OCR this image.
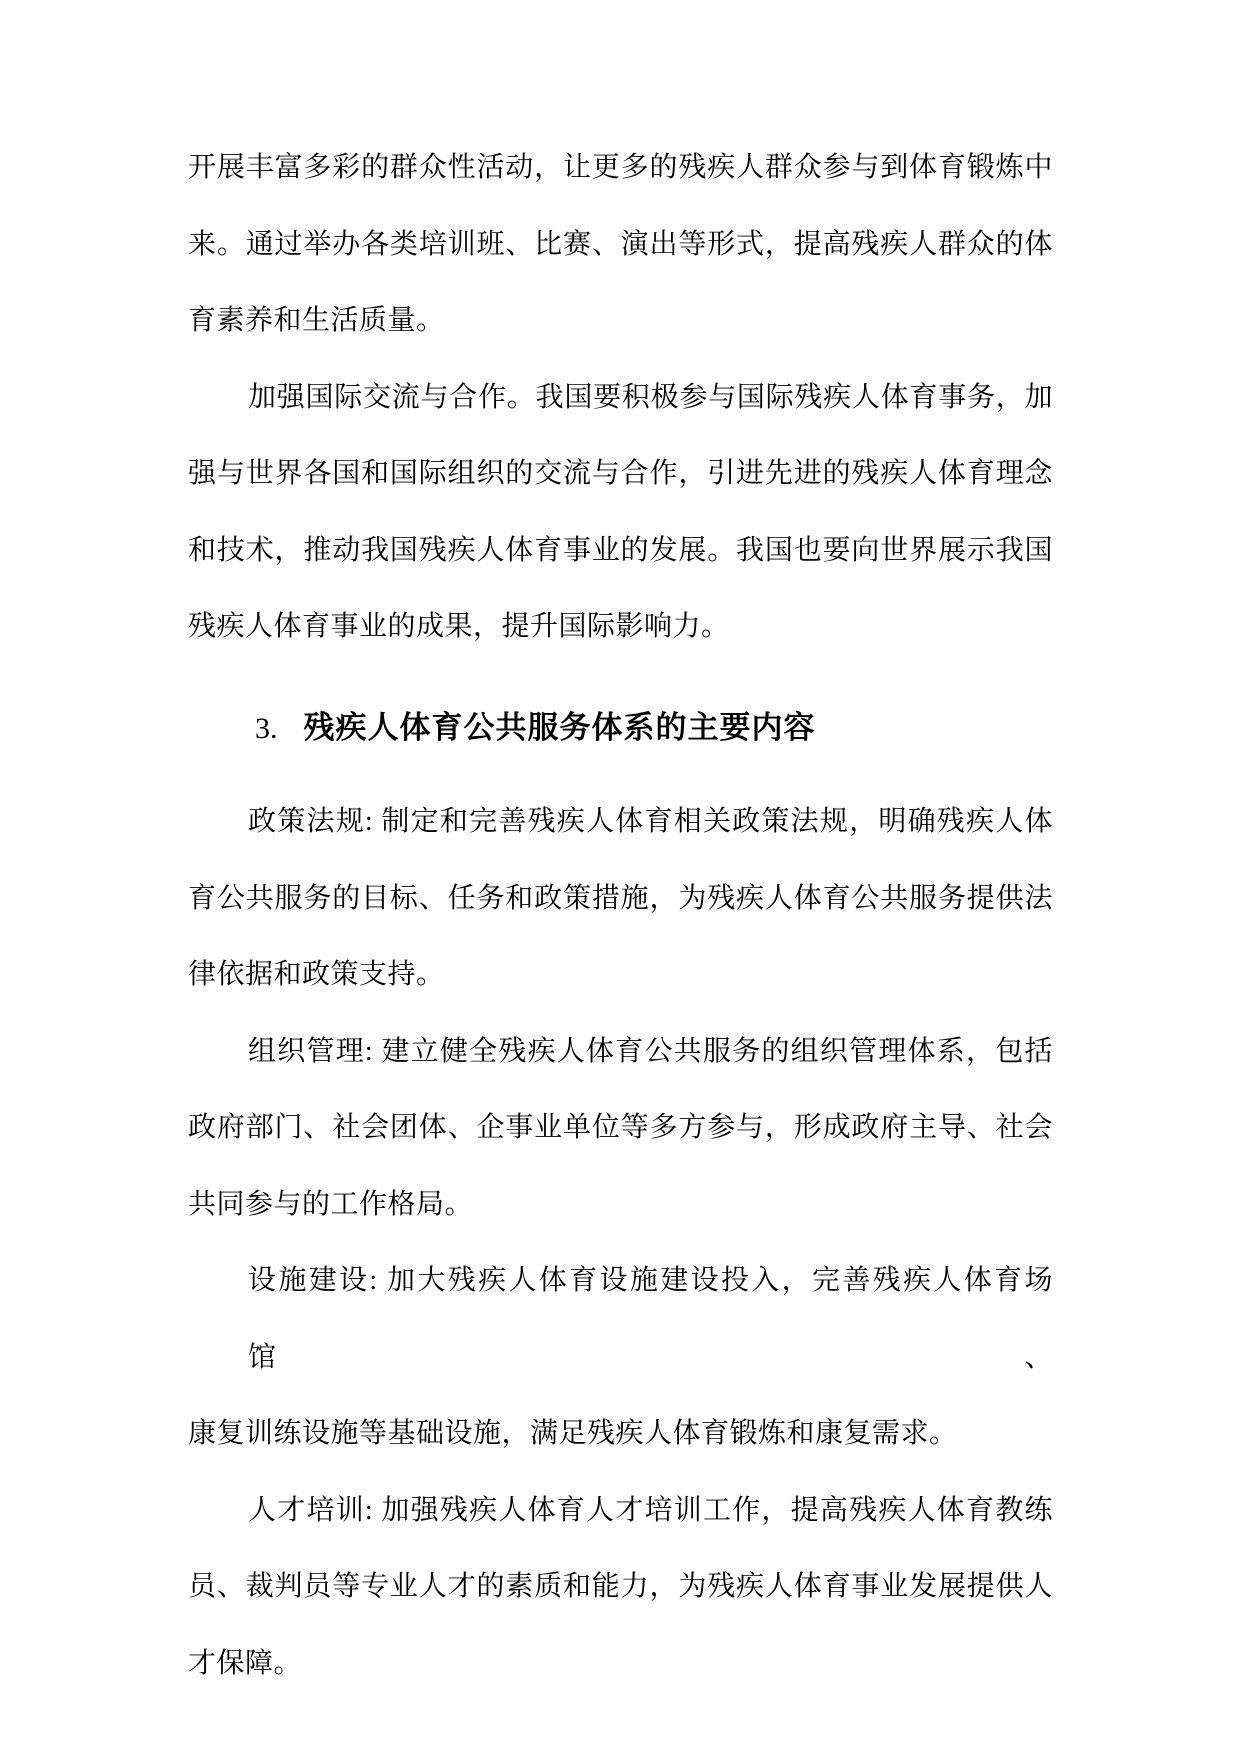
开展丰富多彩的群众性活动，让更多的残疾人群众参与到体育锻炼中
来。通过举办各类培训班、比赛、演出等形式，提高残疾人群众的体
育素养和生活质量。
加强国际交流与合作。我国要积极参与国际残疾人体育事务，加
强与世界各国和国际组织的交流与合作，引进先进的残疾人体育理念
和技术，推动我国残疾人体育事业的发展。我国也要向世界展示我国
残疾人体育事业的成果，提升国际影响力。
3. 残疾人体育公共服务体系的主要内容
政策法规: 制定和完善残疾人体育相关政策法规，明确残疾人体
育公共服务的目标、任务和政策措施，为残疾人体育公共服务提供法
律依据和政策支持。
组织管理: 建立健全残疾人体育公共服务的组织管理体系，包括
政府部门、社会团体、企事业单位等多方参与，形成政府主导、社会
共同参与的工作格局。
设施建设: 加大残疾人体育设施建设投入，完善残疾人体育场馆、
康复训练设施等基础设施，满足残疾人体育锻炼和康复需求。
人才培训: 加强残疾人体育人才培训工作，提高残疾人体育教练
员、裁判员等专业人才的素质和能力，为残疾人体育事业发展提供人
才保障。
